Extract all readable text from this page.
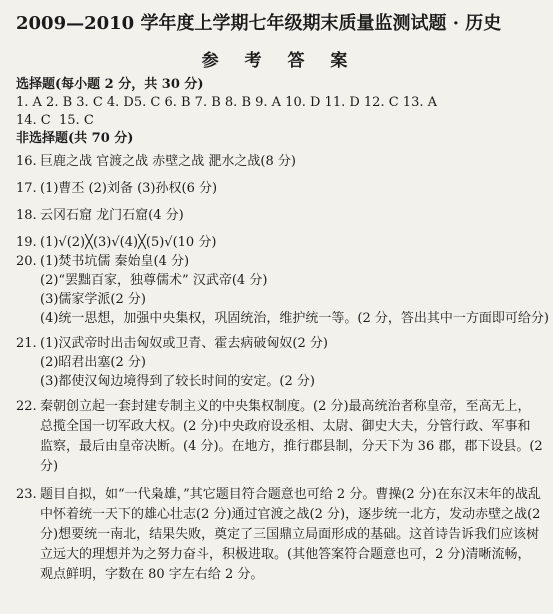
2009—2010 学年度上学期七年级期末质量监测试题 · 历史
参 考 答 案
选择题(每小题 2 分，共 30 分)
1. A 2. B 3. C 4. D5. C 6. B 7. B 8. B 9. A 10. D 11. D 12. C 13. A
14. C  15. C
非选择题(共 70 分)
16. 巨鹿之战 官渡之战 赤壁之战 淝水之战(8 分)
17. (1)曹丕 (2)刘备 (3)孙权(6 分)
18. 云冈石窟 龙门石窟(4 分)
19. (1)√(2)╳(3)√(4)╳(5)√(10 分)
20. (1)焚书坑儒 秦始皇(4 分)
(2)“罢黜百家，独尊儒术” 汉武帝(4 分)
(3)儒家学派(2 分)
(4)统一思想，加强中央集权，巩固统治，维护统一等。(2 分，答出其中一方面即可给分)
21. (1)汉武帝时出击匈奴或卫青、霍去病破匈奴(2 分)
(2)昭君出塞(2 分)
(3)都使汉匈边境得到了较长时间的安定。(2 分)
22. 秦朝创立起一套封建专制主义的中央集权制度。(2 分)最高统治者称皇帝，至高无上，总揽全国一切军政大权。(2 分)中央政府设丞相、太尉、御史大夫，分管行政、军事和监察，最后由皇帝决断。(4 分)。在地方，推行郡县制，分天下为 36 郡，郡下设县。(2 分)
23. 题目自拟，如“一代枭雄，”其它题目符合题意也可给 2 分。曹操(2 分)在东汉末年的战乱中怀着统一天下的雄心壮志(2 分)通过官渡之战(2 分)，逐步统一北方，发动赤壁之战(2 分)想要统一南北，结果失败，奠定了三国鼎立局面形成的基础。这首诗告诉我们应该树立远大的理想并为之努力奋斗，积极进取。(其他答案符合题意也可，2 分)清晰流畅，观点鲜明，字数在 80 字左右给 2 分。
